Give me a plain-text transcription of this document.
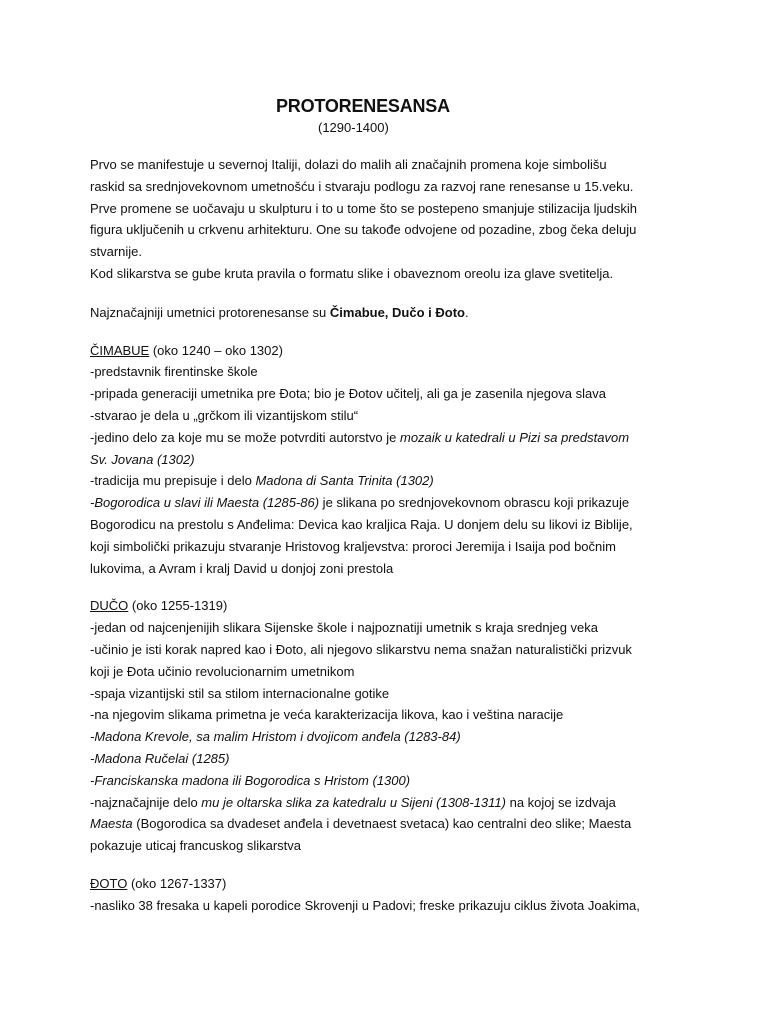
PROTORENESANSA
(1290-1400)
Prvo se manifestuje u severnoj Italiji, dolazi do malih ali značajnih promena koje simbolišu
raskid sa srednjovekovnom umetnošću i stvaraju podlogu za razvoj rane renesanse u 15.veku.
Prve promene se uočavaju u skulpturu i to u tome što se postepeno smanjuje stilizacija ljudskih
figura uključenih u crkvenu arhitekturu. One su takođe odvojene od pozadine, zbog čeka deluju
stvarnije.
Kod slikarstva se gube kruta pravila o formatu slike i obaveznom oreolu iza glave svetitelja.
Najznačajniji umetnici protorenesanse su Čimabue, Dučo i Đoto.
ČIMABUE (oko 1240 – oko 1302)
-predstavnik firentinske škole
-pripada generaciji umetnika pre Đota; bio je Đotov učitelj, ali ga je zasenila njegova slava
-stvarao je dela u „grčkom ili vizantijskom stilu“
-jedino delo za koje mu se može potvrditi autorstvo je mozaik u katedrali u Pizi sa predstavom
Sv. Jovana (1302)
-tradicija mu prepisuje i delo Madona di Santa Trinita (1302)
-Bogorodica u slavi ili Maesta (1285-86) je slikana po srednjovekovnom obrascu koji prikazuje
Bogorodicu na prestolu s Anđelima: Devica kao kraljica Raja. U donjem delu su likovi iz Biblije,
koji simbolički prikazuju stvaranje Hristovog kraljevstva: proroci Jeremija i Isaija pod bočnim
lukovima, a Avram i kralj David u donjoj zoni prestola
DUČO (oko 1255-1319)
-jedan od najcenjenijih slikara Sijenske škole i najpoznatiji umetnik s kraja srednjeg veka
-učinio je isti korak napred kao i Đoto, ali njegovo slikarstvu nema snažan naturalistički prizvuk
koji je Đota učinio revolucionarnim umetnikom
-spaja vizantijski stil sa stilom internacionalne gotike
-na njegovim slikama primetna je veća karakterizacija likova, kao i veština naracije
-Madona Krevole, sa malim Hristom i dvojicom anđela (1283-84)
-Madona Ručelai (1285)
-Franciskanska madona ili Bogorodica s Hristom (1300)
-najznačajnije delo mu je oltarska slika za katedralu u Sijeni (1308-1311) na kojoj se izdvaja
Maesta (Bogorodica sa dvadeset anđela i devetnaest svetaca) kao centralni deo slike; Maesta
pokazuje uticaj francuskog slikarstva
ĐOTO (oko 1267-1337)
-nasliko 38 fresaka u kapeli porodice Skrovenji u Padovi; freske prikazuju ciklus života Joakima,
